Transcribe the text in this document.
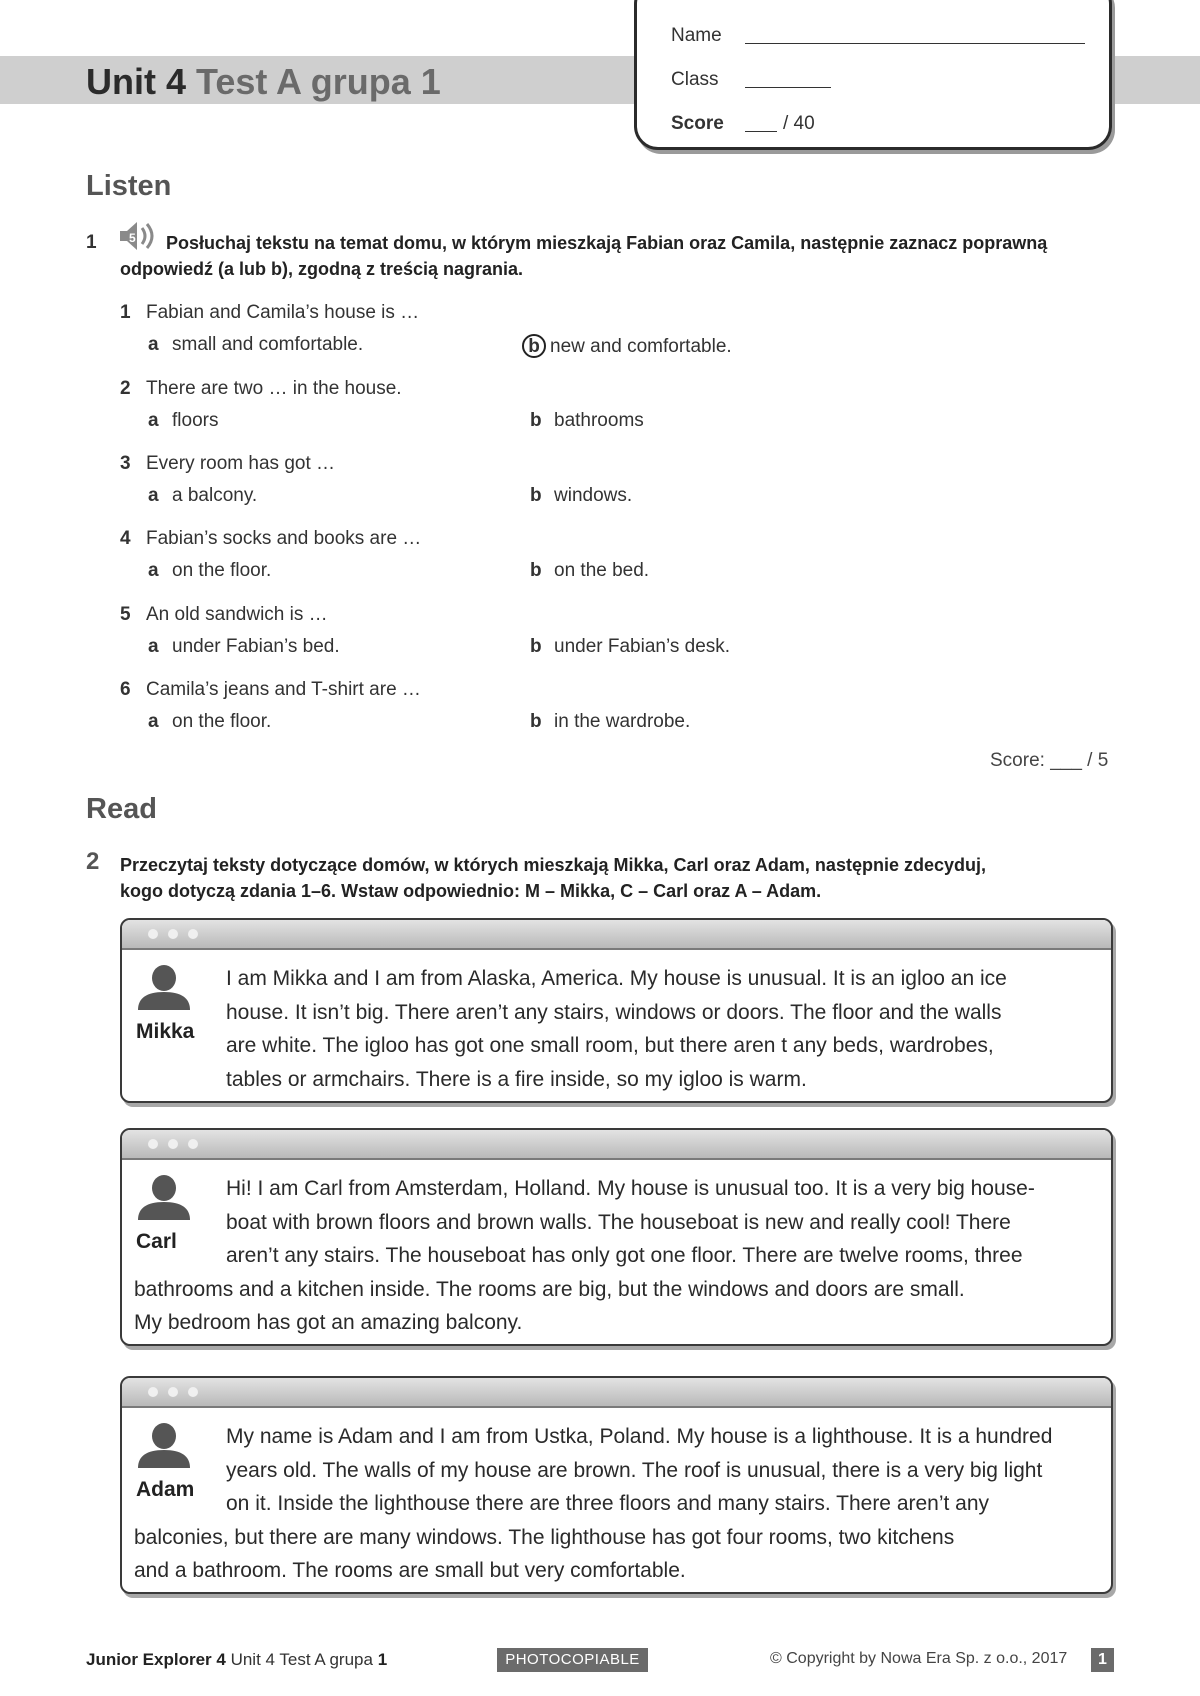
Unit 4 Test A grupa 1
Name
Class
Score	/ 40
Listen
1	5 Posłuchaj tekstu na temat domu, w którym mieszkają Fabian oraz Camila, następnie zaznacz poprawną
odpowiedź (a lub b), zgodną z treścią nagrania.
1 Fabian and Camila’s house is …
a small and comfortable.	b new and comfortable.
2 There are two … in the house.
a floors	b bathrooms
3 Every room has got …
a a balcony.	b windows.
4 Fabian’s socks and books are …
a on the floor.	b on the bed.
5 An old sandwich is …
a under Fabian’s bed.	b under Fabian’s desk.
6 Camila’s jeans and T-shirt are …
a on the floor.	b in the wardrobe.
Score: ___ / 5
Read
2 Przeczytaj teksty dotyczące domów, w których mieszkają Mikka, Carl oraz Adam, następnie zdecyduj,
kogo dotyczą zdania 1–6. Wstaw odpowiednio: M – Mikka, C – Carl oraz A – Adam.
Mikka
I am Mikka and I am from Alaska, America. My house is unusual. It is an igloo an ice
house. It isn’t big. There aren’t any stairs, windows or doors. The floor and the walls
are white. The igloo has got one small room, but there aren t any beds, wardrobes,
tables or armchairs. There is a fire inside, so my igloo is warm.
Carl
Hi! I am Carl from Amsterdam, Holland. My house is unusual too. It is a very big house-
boat with brown floors and brown walls. The houseboat is new and really cool! There
aren’t any stairs. The houseboat has only got one floor. There are twelve rooms, three
bathrooms and a kitchen inside. The rooms are big, but the windows and doors are small.
My bedroom has got an amazing balcony.
Adam
My name is Adam and I am from Ustka, Poland. My house is a lighthouse. It is a hundred
years old. The walls of my house are brown. The roof is unusual, there is a very big light
on it. Inside the lighthouse there are three floors and many stairs. There aren’t any
balconies, but there are many windows. The lighthouse has got four rooms, two kitchens
and a bathroom. The rooms are small but very comfortable.
Junior Explorer 4 Unit 4 Test A grupa 1	PHOTOCOPIABLE	© Copyright by Nowa Era Sp. z o.o., 2017	1
